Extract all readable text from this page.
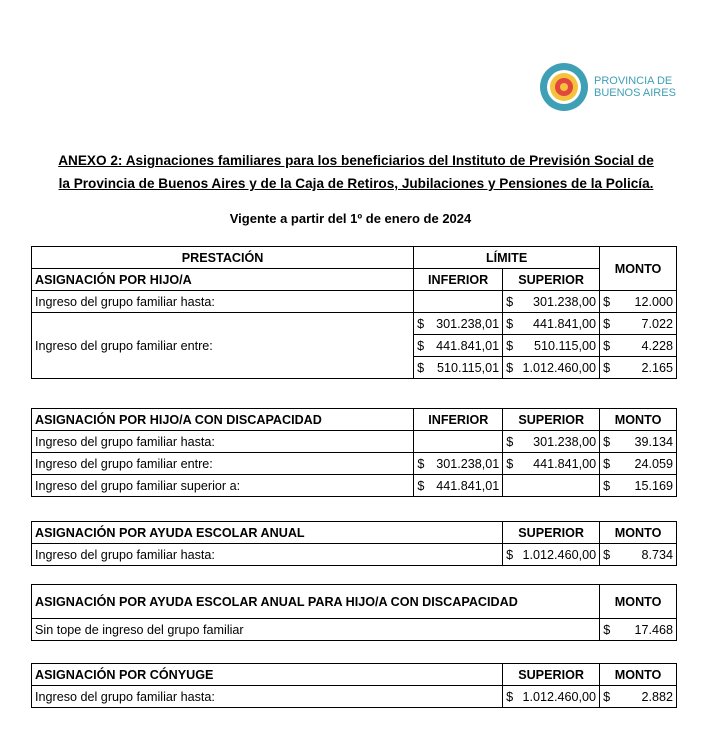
PROVINCIA DE
BUENOS AIRES
ANEXO 2: Asignaciones familiares para los beneficiarios del Instituto de Previsión Social de
la Provincia de Buenos Aires y de la Caja de Retiros, Jubilaciones y Pensiones de la Policía.
Vigente a partir del 1º de enero de 2024
PRESTACIÓN	LÍMITE		MONTO
ASIGNACIÓN POR HIJO/A	INFERIOR	SUPERIOR	
Ingreso del grupo familiar hasta:		$ 301.238,00	$ 12.000

Ingreso del grupo familiar entre:	$ 301.238,01	$ 441.841,00	$ 7.022

	$ 441.841,01	$ 510.115,00	$ 4.228

	$ 510.115,01	$ 1.012.460,00	$ 2.165
ASIGNACIÓN POR HIJO/A CON DISCAPACIDAD	INFERIOR	SUPERIOR	MONTO
Ingreso del grupo familiar hasta:		$ 301.238,00	$ 39.134

Ingreso del grupo familiar entre:	$ 301.238,01	$ 441.841,00	$ 24.059

Ingreso del grupo familiar superior a:	$ 441.841,01		$ 15.169
ASIGNACIÓN POR AYUDA ESCOLAR ANUAL	SUPERIOR	MONTO
Ingreso del grupo familiar hasta:	$ 1.012.460,00	$ 8.734
ASIGNACIÓN POR AYUDA ESCOLAR ANUAL PARA HIJO/A CON DISCAPACIDAD	MONTO
Sin tope de ingreso del grupo familiar	$ 17.468
ASIGNACIÓN POR CÓNYUGE	SUPERIOR	MONTO
Ingreso del grupo familiar hasta:	$ 1.012.460,00	$ 2.882
